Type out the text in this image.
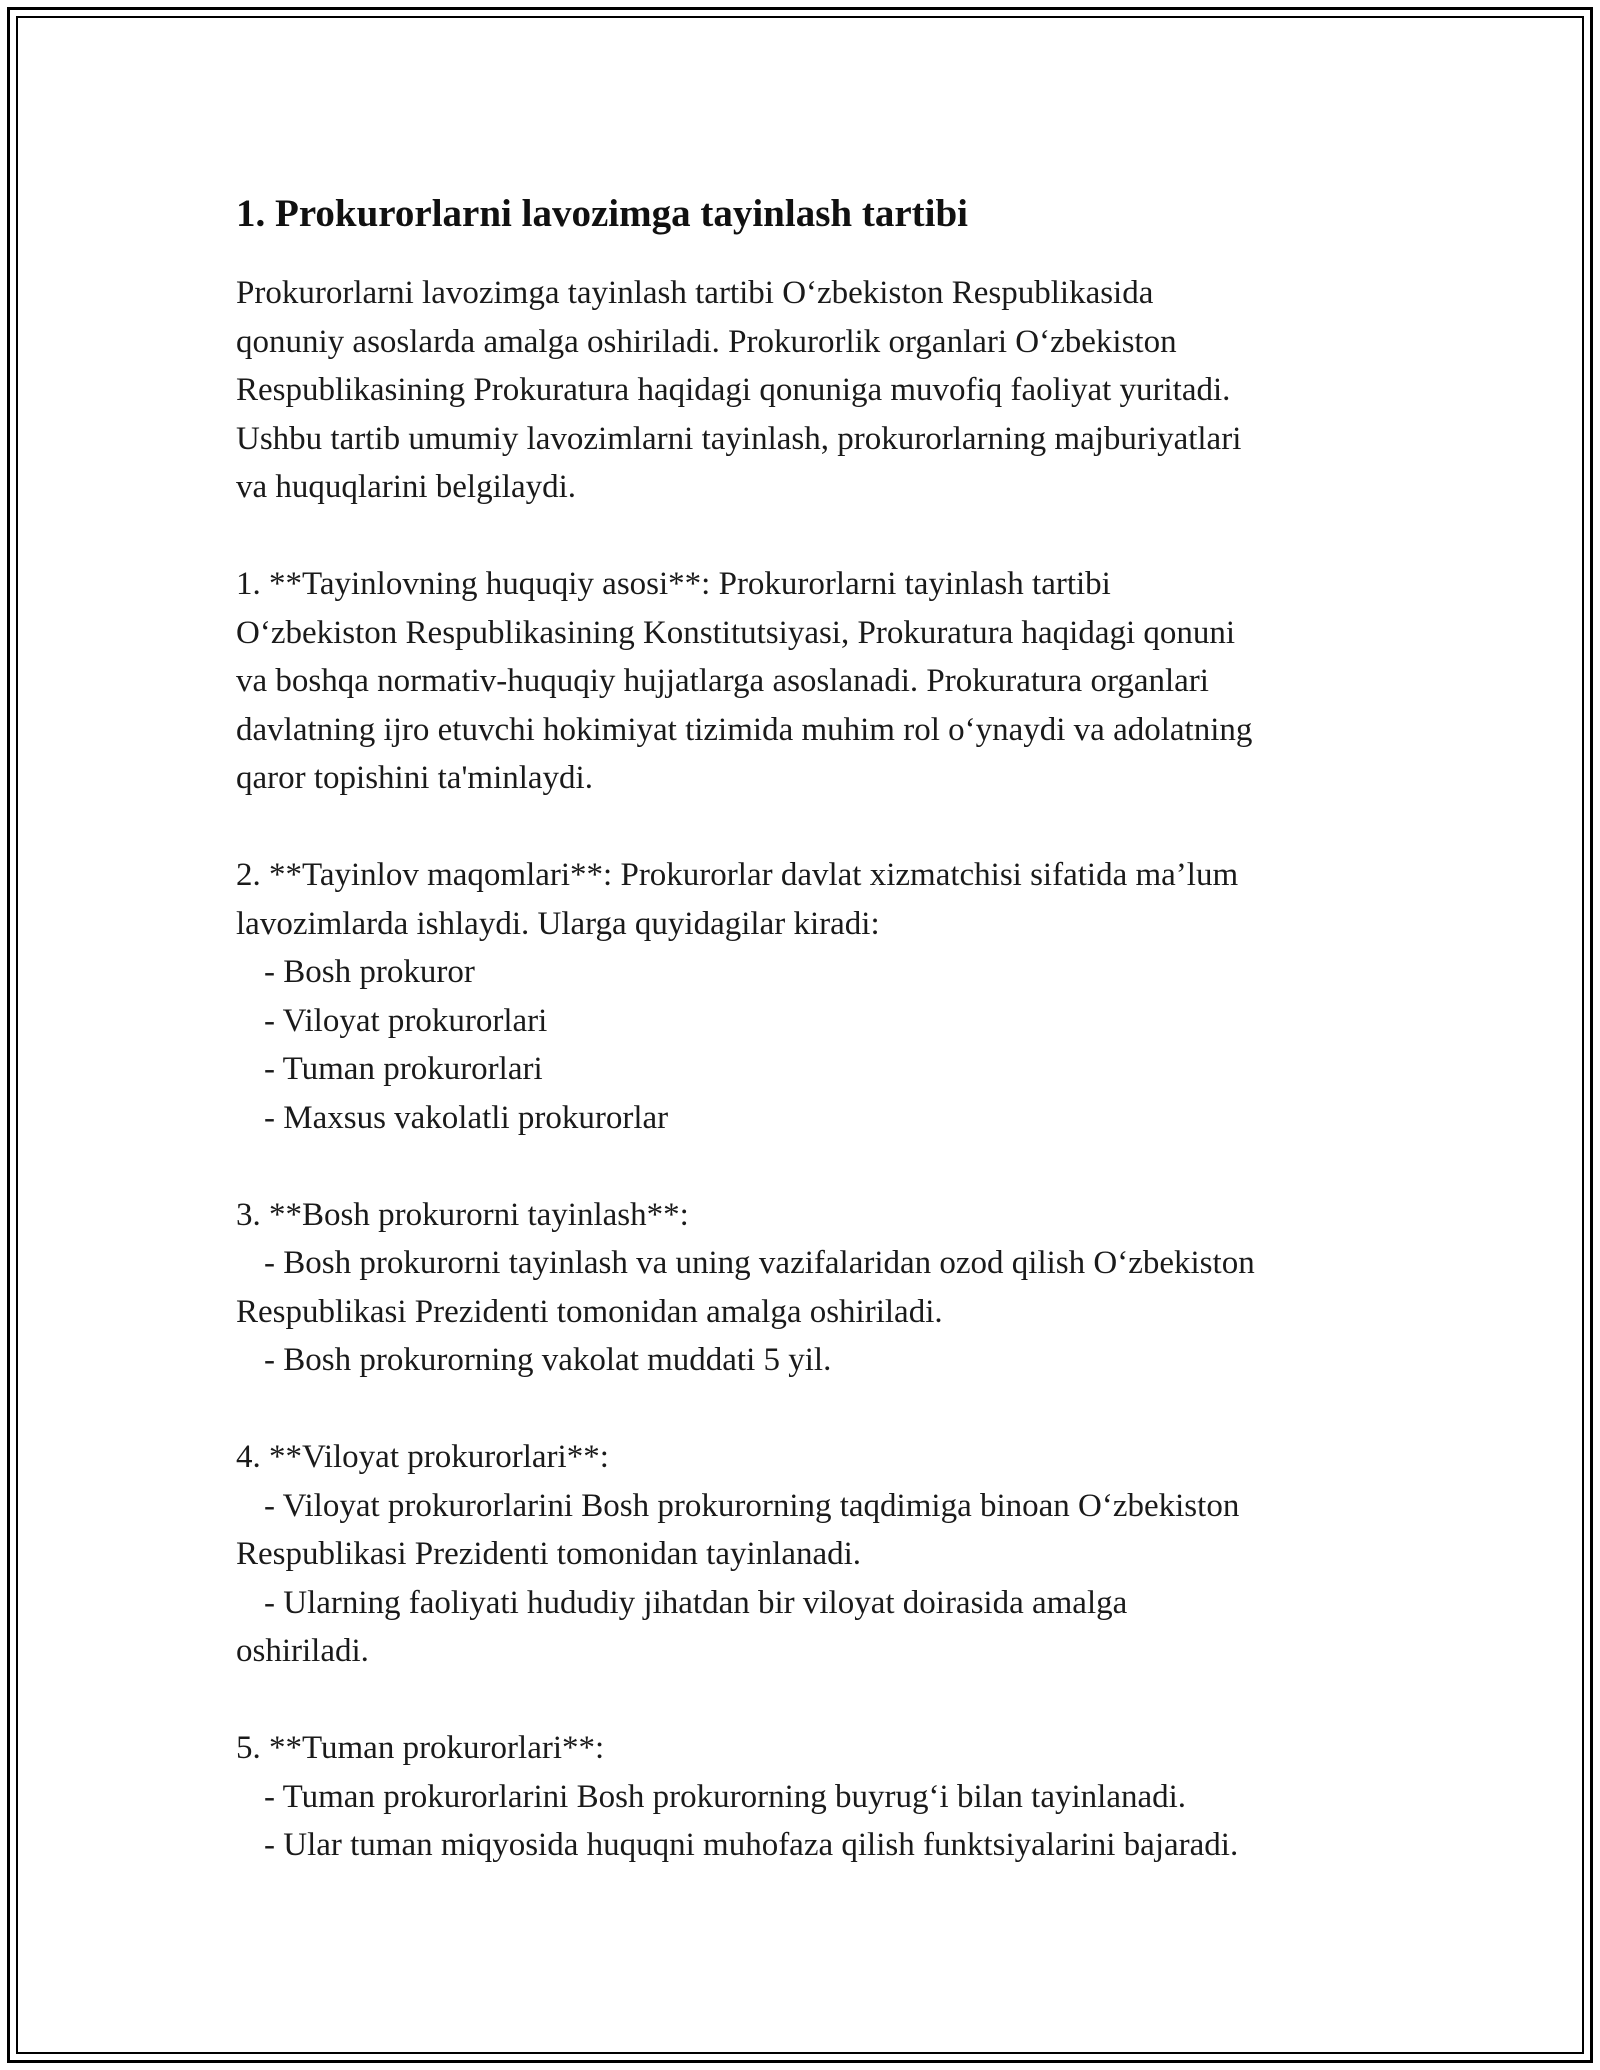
1. Prokurorlarni lavozimga tayinlash tartibi

Prokurorlarni lavozimga tayinlash tartibi O‘zbekiston Respublikasida

qonuniy asoslarda amalga oshiriladi. Prokurorlik organlari O‘zbekiston

Respublikasining Prokuratura haqidagi qonuniga muvofiq faoliyat yuritadi.

Ushbu tartib umumiy lavozimlarni tayinlash, prokurorlarning majburiyatlari

va huquqlarini belgilaydi.

1. **Tayinlovning huquqiy asosi**: Prokurorlarni tayinlash tartibi

O‘zbekiston Respublikasining Konstitutsiyasi, Prokuratura haqidagi qonuni

va boshqa normativ-huquqiy hujjatlarga asoslanadi. Prokuratura organlari

davlatning ijro etuvchi hokimiyat tizimida muhim rol o‘ynaydi va adolatning

qaror topishini ta'minlaydi.

2. **Tayinlov maqomlari**: Prokurorlar davlat xizmatchisi sifatida ma’lum

lavozimlarda ishlaydi. Ularga quyidagilar kiradi:

- Bosh prokuror

- Viloyat prokurorlari

- Tuman prokurorlari

- Maxsus vakolatli prokurorlar

3. **Bosh prokurorni tayinlash**:

- Bosh prokurorni tayinlash va uning vazifalaridan ozod qilish O‘zbekiston

Respublikasi Prezidenti tomonidan amalga oshiriladi.

- Bosh prokurorning vakolat muddati 5 yil.

4. **Viloyat prokurorlari**:

- Viloyat prokurorlarini Bosh prokurorning taqdimiga binoan O‘zbekiston

Respublikasi Prezidenti tomonidan tayinlanadi.

- Ularning faoliyati hududiy jihatdan bir viloyat doirasida amalga

oshiriladi.

5. **Tuman prokurorlari**:

- Tuman prokurorlarini Bosh prokurorning buyrug‘i bilan tayinlanadi.

- Ular tuman miqyosida huquqni muhofaza qilish funktsiyalarini bajaradi.
